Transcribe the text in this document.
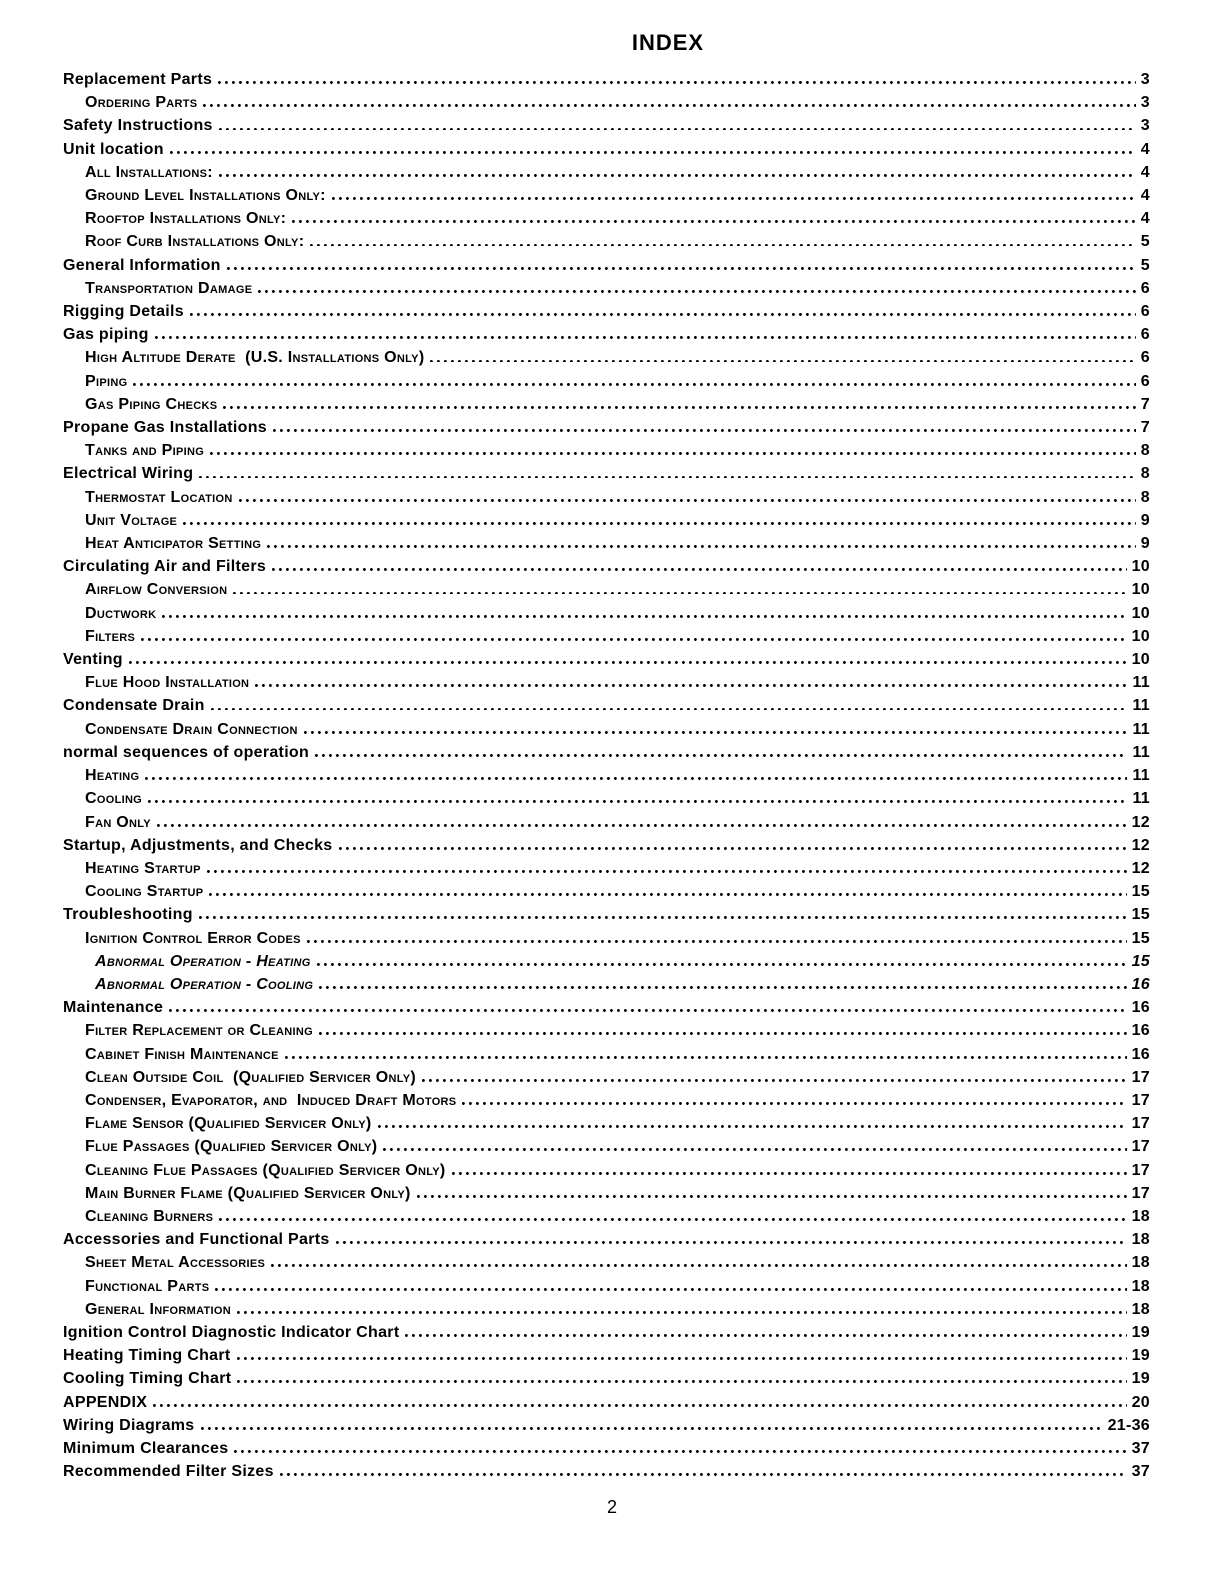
INDEX
Replacement Parts	3
Ordering Parts	3
Safety Instructions	3
Unit location	4
All Installations:	4
Ground Level Installations Only:	4
Rooftop Installations Only:	4
Roof Curb Installations Only:	5
General Information	5
Transportation Damage	6
Rigging Details	6
Gas piping	6
High Altitude Derate  (U.S. Installations Only)	6
Piping	6
Gas Piping Checks	7
Propane Gas Installations	7
Tanks and Piping	8
Electrical Wiring	8
Thermostat Location	8
Unit Voltage	9
Heat Anticipator Setting	9
Circulating Air and Filters	10
Airflow Conversion	10
Ductwork	10
Filters	10
Venting	10
Flue Hood Installation	11
Condensate Drain	11
Condensate Drain Connection	11
normal sequences of operation	11
Heating	11
Cooling	11
Fan Only	12
Startup, Adjustments, and Checks	12
Heating Startup	12
Cooling Startup	15
Troubleshooting	15
Ignition Control Error Codes	15
Abnormal Operation - Heating	15
Abnormal Operation - Cooling	16
Maintenance	16
Filter Replacement or Cleaning	16
Cabinet Finish Maintenance	16
Clean Outside Coil  (Qualified Servicer Only)	17
Condenser, Evaporator, and  Induced Draft Motors	17
Flame Sensor (Qualified Servicer Only)	17
Flue Passages (Qualified Servicer Only)	17
Cleaning Flue Passages (Qualified Servicer Only)	17
Main Burner Flame (Qualified Servicer Only)	17
Cleaning Burners	18
Accessories and Functional Parts	18
Sheet Metal Accessories	18
Functional Parts	18
General Information	18
Ignition Control Diagnostic Indicator Chart	19
Heating Timing Chart	19
Cooling Timing Chart	19
APPENDIX	20
Wiring Diagrams	21-36
Minimum Clearances	37
Recommended Filter Sizes	37
2
